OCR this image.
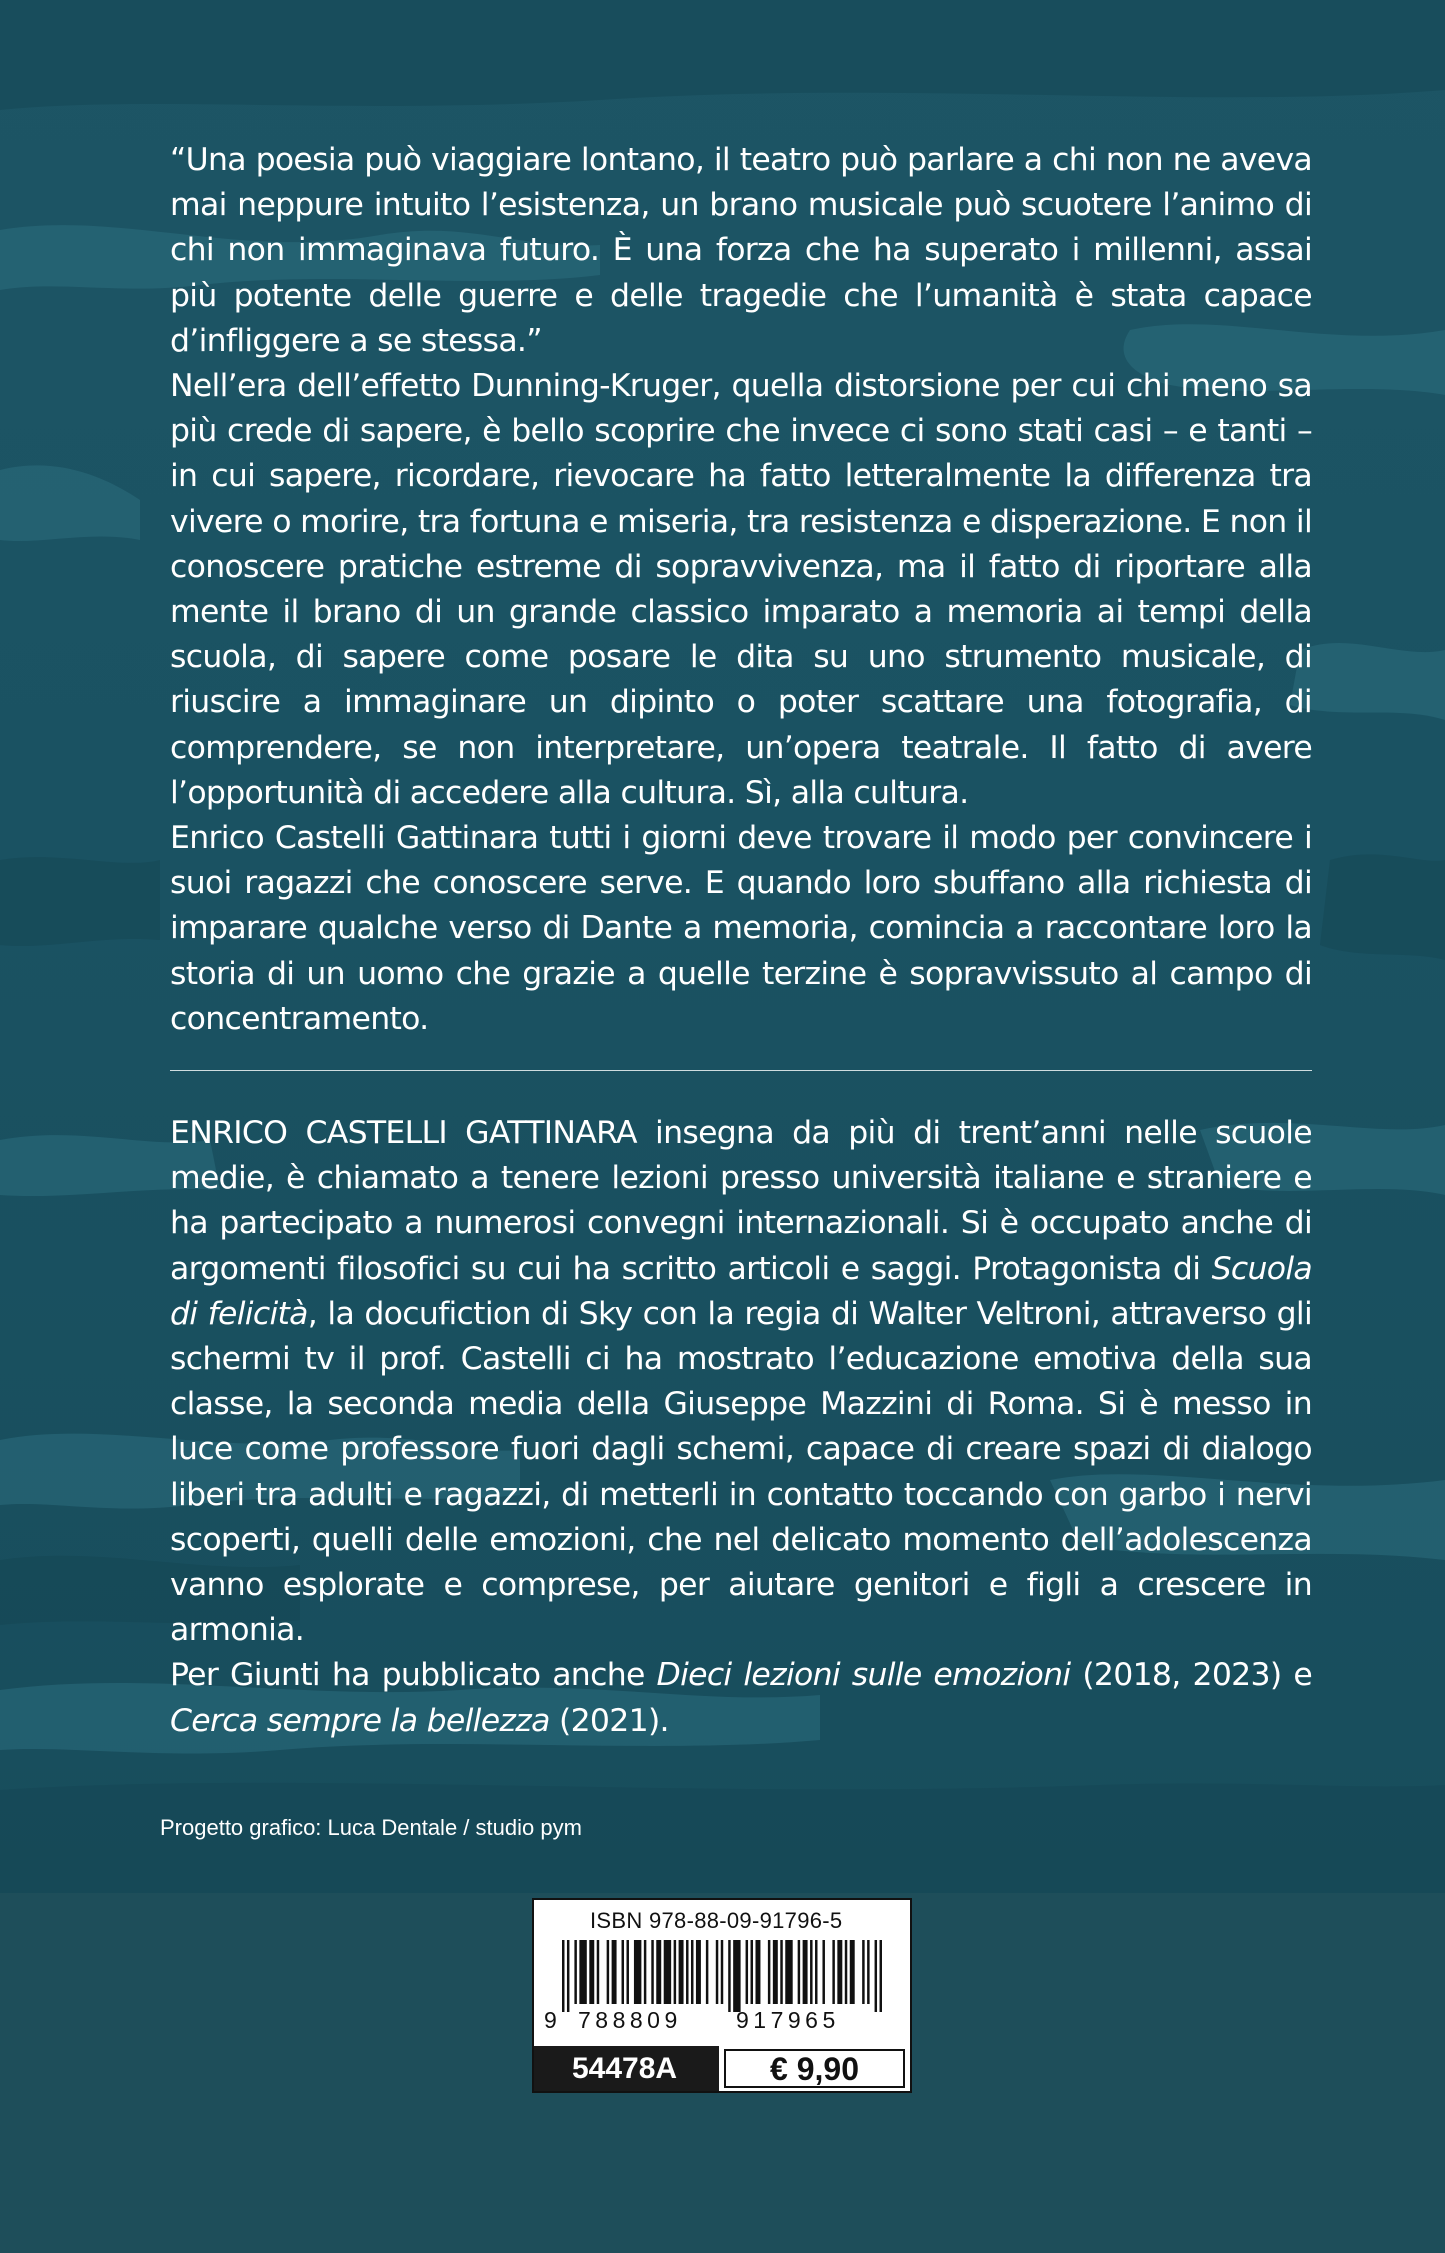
“Una poesia può viaggiare lontano, il teatro può parlare a chi non ne aveva mai neppure intuito l’esistenza, un brano musicale può scuotere l’animo di chi non immaginava futuro. È una forza che ha superato i millenni, assai più potente delle guerre e delle tragedie che l’umanità è stata capace d’infliggere a se stessa.”

Nell’era dell’effetto Dunning-Kruger, quella distorsione per cui chi meno sa più crede di sapere, è bello scoprire che invece ci sono stati casi – e tanti – in cui sapere, ricordare, rievocare ha fatto letteralmente la differenza tra vivere o morire, tra fortuna e miseria, tra resistenza e disperazione. E non il conoscere pratiche estreme di sopravvivenza, ma il fatto di riportare alla mente il brano di un grande classico imparato a memoria ai tempi della scuola, di sapere come posare le dita su uno strumento musicale, di riuscire a immaginare un dipinto o poter scattare una fotografia, di comprendere, se non interpretare, un’opera teatrale. Il fatto di avere l’opportunità di accedere alla cultura. Sì, alla cultura.

Enrico Castelli Gattinara tutti i giorni deve trovare il modo per convincere i suoi ragazzi che conoscere serve. E quando loro sbuffano alla richiesta di imparare qualche verso di Dante a memoria, comincia a raccontare loro la storia di un uomo che grazie a quelle terzine è sopravvissuto al campo di concentramento.

ENRICO CASTELLI GATTINARA insegna da più di trent’anni nelle scuole medie, è chiamato a tenere lezioni presso università italiane e straniere e ha partecipato a numerosi convegni internazionali. Si è occupato anche di argomenti filosofici su cui ha scritto articoli e saggi. Protagonista di Scuola di felicità, la docufiction di Sky con la regia di Walter Veltroni, attraverso gli schermi tv il prof. Castelli ci ha mostrato l’educazione emotiva della sua classe, la seconda media della Giuseppe Mazzini di Roma. Si è messo in luce come professore fuori dagli schemi, capace di creare spazi di dialogo liberi tra adulti e ragazzi, di metterli in contatto toccando con garbo i nervi scoperti, quelli delle emozioni, che nel delicato momento dell’adolescenza vanno esplorate e comprese, per aiutare genitori e figli a crescere in armonia.

Per Giunti ha pubblicato anche Dieci lezioni sulle emozioni (2018, 2023) e Cerca sempre la bellezza (2021).

Progetto grafico: Luca Dentale / studio pym
ISBN 978-88-09-91796-5
9 788809 917965
54478A	€ 9,90
